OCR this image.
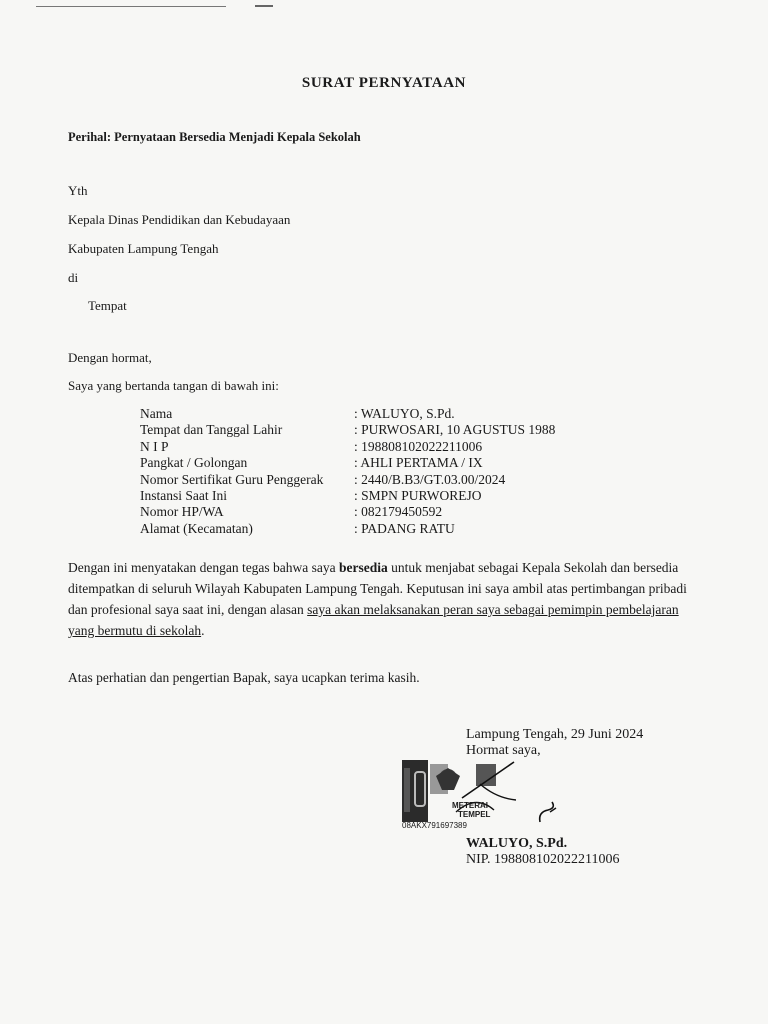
SURAT PERNYATAAN
Perihal: Pernyataan Bersedia Menjadi Kepala Sekolah
Yth
Kepala Dinas Pendidikan dan Kebudayaan
Kabupaten Lampung Tengah
di
Tempat
Dengan hormat,
Saya yang bertanda tangan di bawah ini:
Nama	: WALUYO, S.Pd.
Tempat dan Tanggal Lahir	: PURWOSARI, 10 AGUSTUS 1988
N I P	: 198808102022211006
Pangkat / Golongan	: AHLI PERTAMA / IX
Nomor Sertifikat Guru Penggerak	: 2440/B.B3/GT.03.00/2024
Instansi Saat Ini	: SMPN PURWOREJO
Nomor HP/WA	: 082179450592
Alamat (Kecamatan)	: PADANG RATU
Dengan ini menyatakan dengan tegas bahwa saya bersedia untuk menjabat sebagai Kepala Sekolah dan bersedia ditempatkan di seluruh Wilayah Kabupaten Lampung Tengah. Keputusan ini saya ambil atas pertimbangan pribadi dan profesional saya saat ini, dengan alasan saya akan melaksanakan peran saya sebagai pemimpin pembelajaran yang bermutu di sekolah.
Atas perhatian dan pengertian Bapak, saya ucapkan terima kasih.
Lampung Tengah, 29 Juni 2024
Hormat saya,
METERAI
TEMPEL
08AKX791697389
WALUYO, S.Pd.
NIP. 198808102022211006
